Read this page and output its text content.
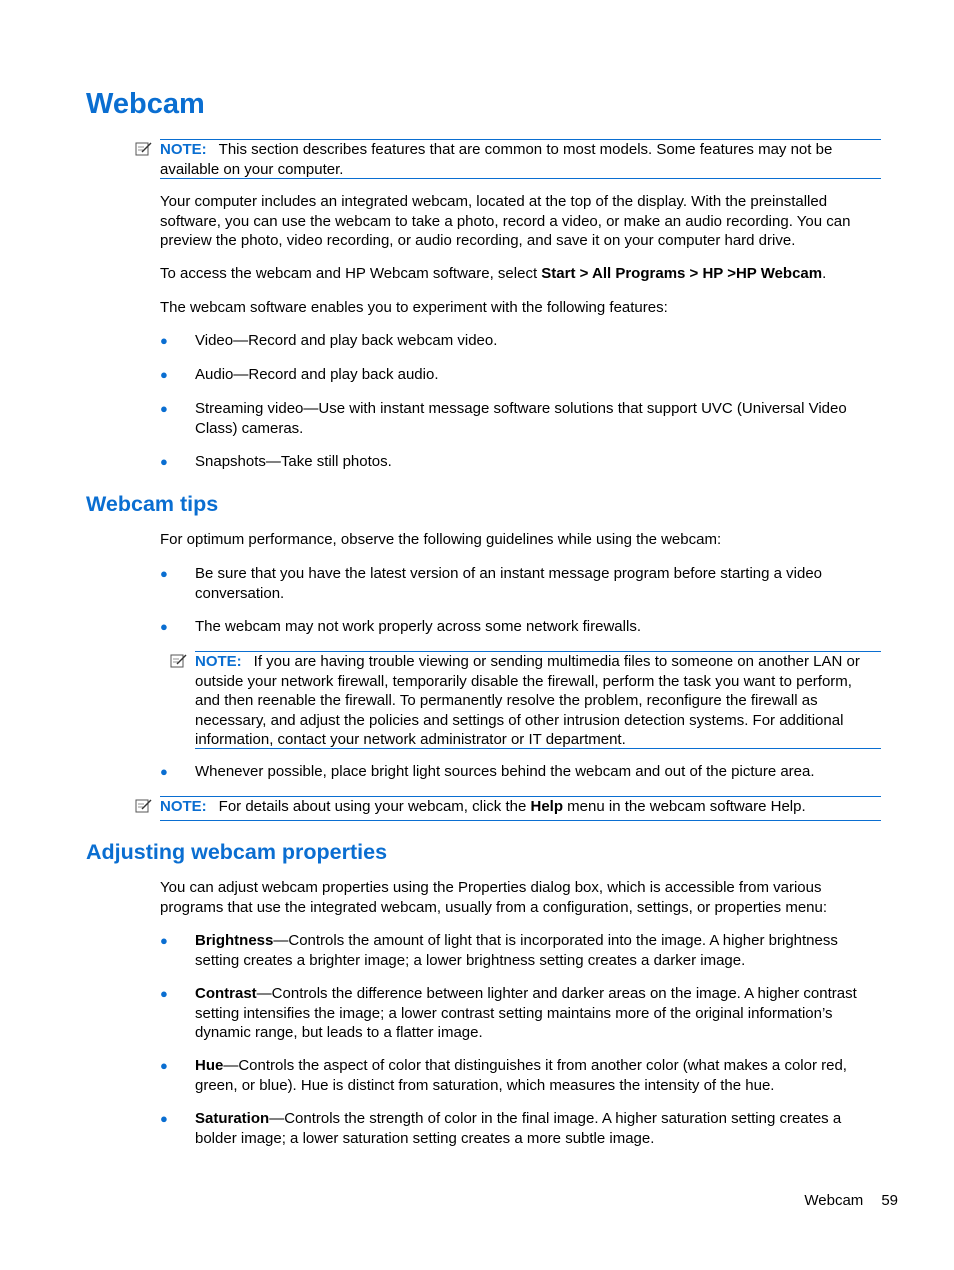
Webcam
NOTE: This section describes features that are common to most models. Some features may not be available on your computer.

Your computer includes an integrated webcam, located at the top of the display. With the preinstalled software, you can use the webcam to take a photo, record a video, or make an audio recording. You can preview the photo, video recording, or audio recording, and save it on your computer hard drive.

To access the webcam and HP Webcam software, select Start > All Programs > HP >HP Webcam.

The webcam software enables you to experiment with the following features:

● Video—Record and play back webcam video.
● Audio—Record and play back audio.
● Streaming video—Use with instant message software solutions that support UVC (Universal Video Class) cameras.
● Snapshots—Take still photos.
Webcam tips

For optimum performance, observe the following guidelines while using the webcam:

● Be sure that you have the latest version of an instant message program before starting a video conversation.
● The webcam may not work properly across some network firewalls.
NOTE: If you are having trouble viewing or sending multimedia files to someone on another LAN or outside your network firewall, temporarily disable the firewall, perform the task you want to perform, and then reenable the firewall. To permanently resolve the problem, reconfigure the firewall as necessary, and adjust the policies and settings of other intrusion detection systems. For additional information, contact your network administrator or IT department.
● Whenever possible, place bright light sources behind the webcam and out of the picture area.
NOTE: For details about using your webcam, click the Help menu in the webcam software Help.
Adjusting webcam properties

You can adjust webcam properties using the Properties dialog box, which is accessible from various programs that use the integrated webcam, usually from a configuration, settings, or properties menu:

● Brightness—Controls the amount of light that is incorporated into the image. A higher brightness setting creates a brighter image; a lower brightness setting creates a darker image.
● Contrast—Controls the difference between lighter and darker areas on the image. A higher contrast setting intensifies the image; a lower contrast setting maintains more of the original information’s dynamic range, but leads to a flatter image.
● Hue—Controls the aspect of color that distinguishes it from another color (what makes a color red, green, or blue). Hue is distinct from saturation, which measures the intensity of the hue.
● Saturation—Controls the strength of color in the final image. A higher saturation setting creates a bolder image; a lower saturation setting creates a more subtle image.
Webcam 59
